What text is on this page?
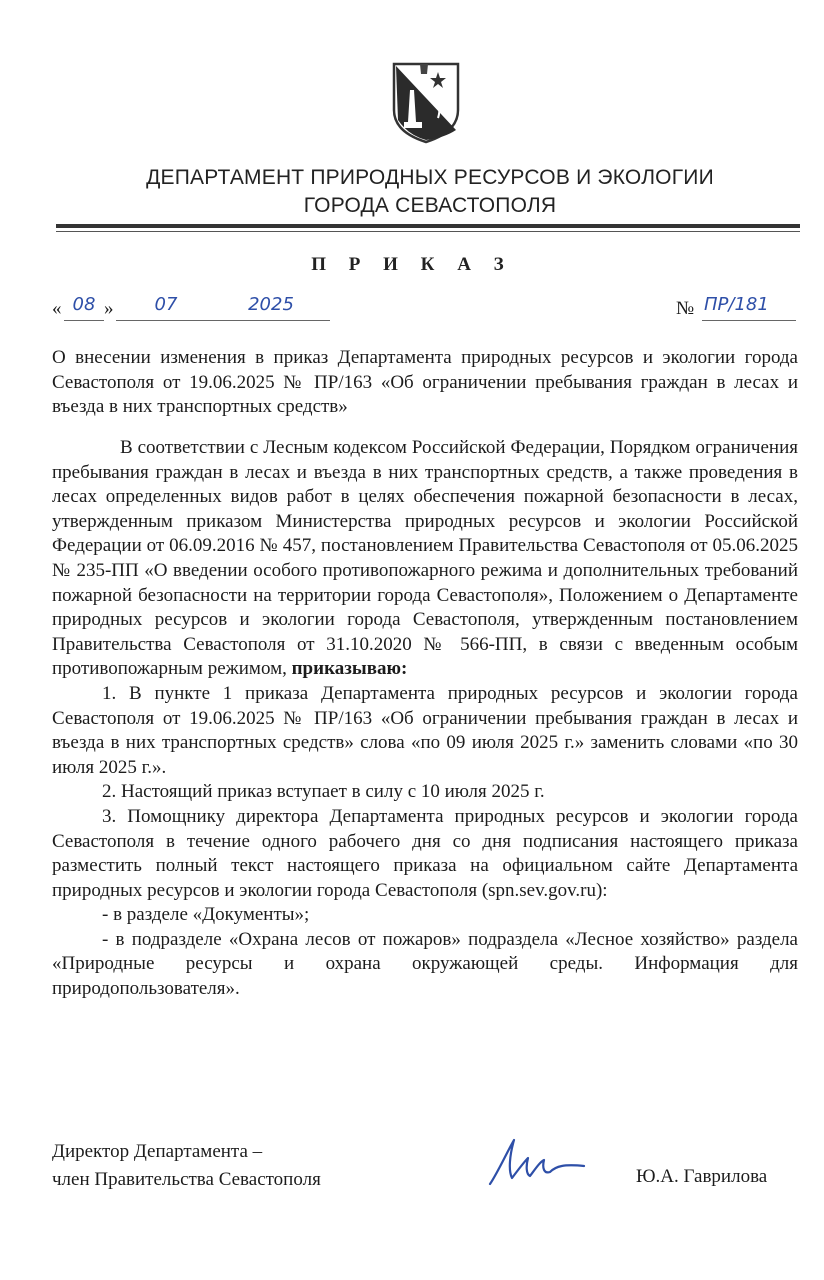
ДЕПАРТАМЕНТ ПРИРОДНЫХ РЕСУРСОВ И ЭКОЛОГИИ
ГОРОДА СЕВАСТОПОЛЯ
П Р И К А З
« 08 »	07	2025	№ ПР/181
О внесении изменения в приказ Департамента природных ресурсов и экологии города Севастополя от 19.06.2025 № ПР/163 «Об ограничении пребывания граждан в лесах и въезда в них транспортных средств»

В соответствии с Лесным кодексом Российской Федерации, Порядком ограничения пребывания граждан в лесах и въезда в них транспортных средств, а также проведения в лесах определенных видов работ в целях обеспечения пожарной безопасности в лесах, утвержденным приказом Министерства природных ресурсов и экологии Российской Федерации от 06.09.2016 № 457, постановлением Правительства Севастополя от 05.06.2025 № 235-ПП «О введении особого противопожарного режима и дополнительных требований пожарной безопасности на территории города Севастополя», Положением о Департаменте природных ресурсов и экологии города Севастополя, утвержденным постановлением Правительства Севастополя от 31.10.2020 № 566-ПП, в связи с введенным особым противопожарным режимом, приказываю:

1. В пункте 1 приказа Департамента природных ресурсов и экологии города Севастополя от 19.06.2025 № ПР/163 «Об ограничении пребывания граждан в лесах и въезда в них транспортных средств» слова «по 09 июля 2025 г.» заменить словами «по 30 июля 2025 г.».

2. Настоящий приказ вступает в силу с 10 июля 2025 г.

3. Помощнику директора Департамента природных ресурсов и экологии города Севастополя в течение одного рабочего дня со дня подписания настоящего приказа разместить полный текст настоящего приказа на официальном сайте Департамента природных ресурсов и экологии города Севастополя (spn.sev.gov.ru):

- в разделе «Документы»;

- в подразделе «Охрана лесов от пожаров» подраздела «Лесное хозяйство» раздела «Природные ресурсы и охрана окружающей среды. Информация для природопользователя».

Директор Департамента –
член Правительства Севастополя	Ю.А. Гаврилова
